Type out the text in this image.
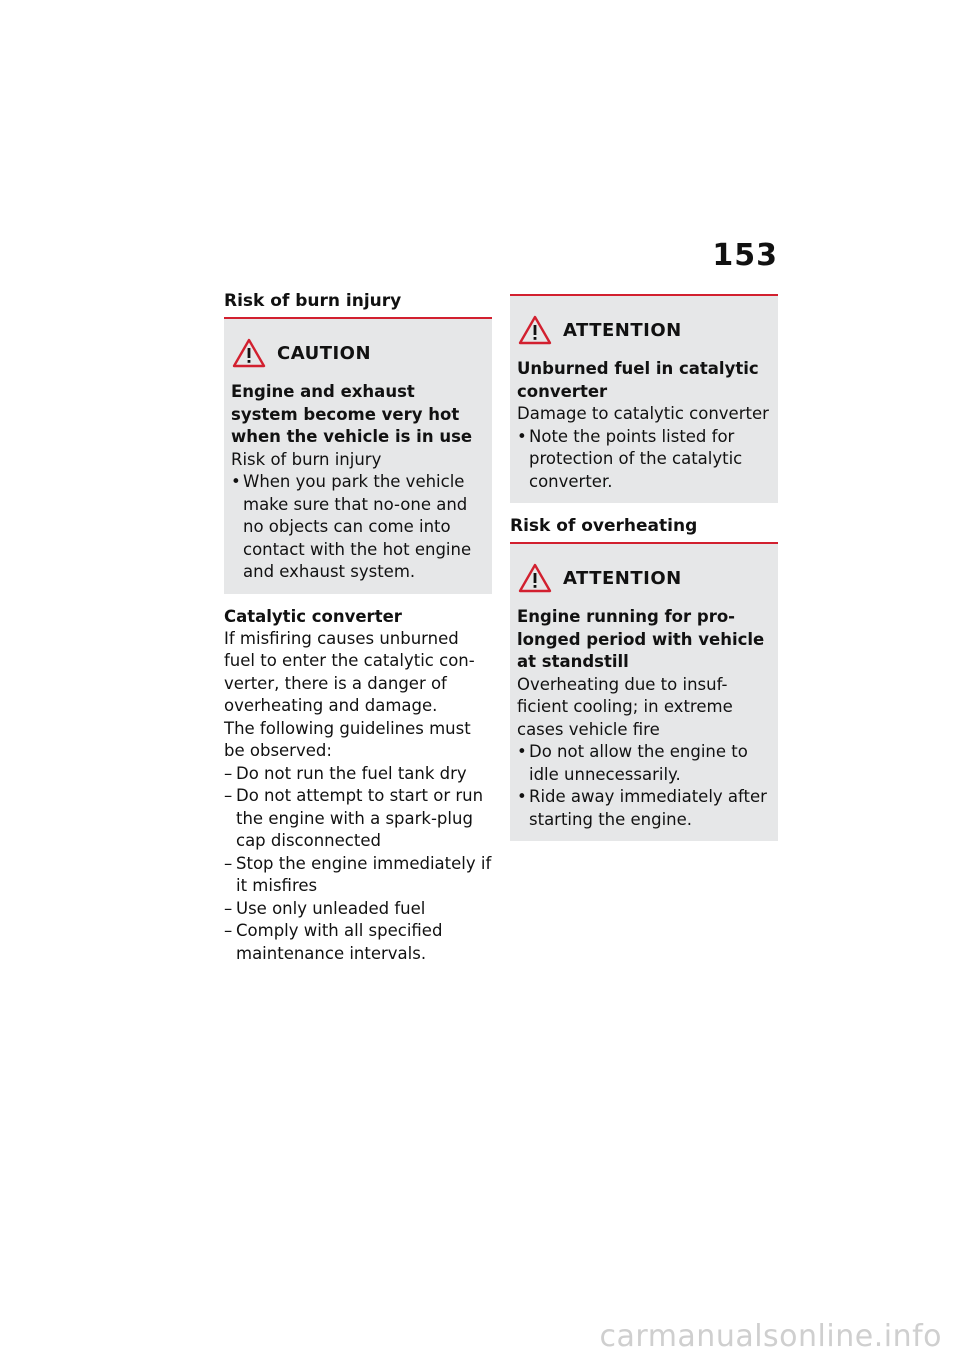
153
Risk of burn injury
CAUTION
Engine and exhaust system become very hot when the vehicle is in use
Risk of burn injury
• When you park the vehicle make sure that no-one and no objects can come into contact with the hot engine and exhaust system.
Catalytic converter
If misfiring causes unburned fuel to enter the catalytic con-verter, there is a danger of overheating and damage.
The following guidelines must be observed:
– Do not run the fuel tank dry
– Do not attempt to start or run the engine with a spark-plug cap disconnected
– Stop the engine immediately if it misfires
– Use only unleaded fuel
– Comply with all specified maintenance intervals.
ATTENTION
Unburned fuel in catalytic converter
Damage to catalytic converter
• Note the points listed for protection of the catalytic converter.
Risk of overheating
ATTENTION
Engine running for pro-longed period with vehicle at standstill
Overheating due to insuf-ficient cooling; in extreme cases vehicle fire
• Do not allow the engine to idle unnecessarily.
• Ride away immediately after starting the engine.
carmanualsonline.info
